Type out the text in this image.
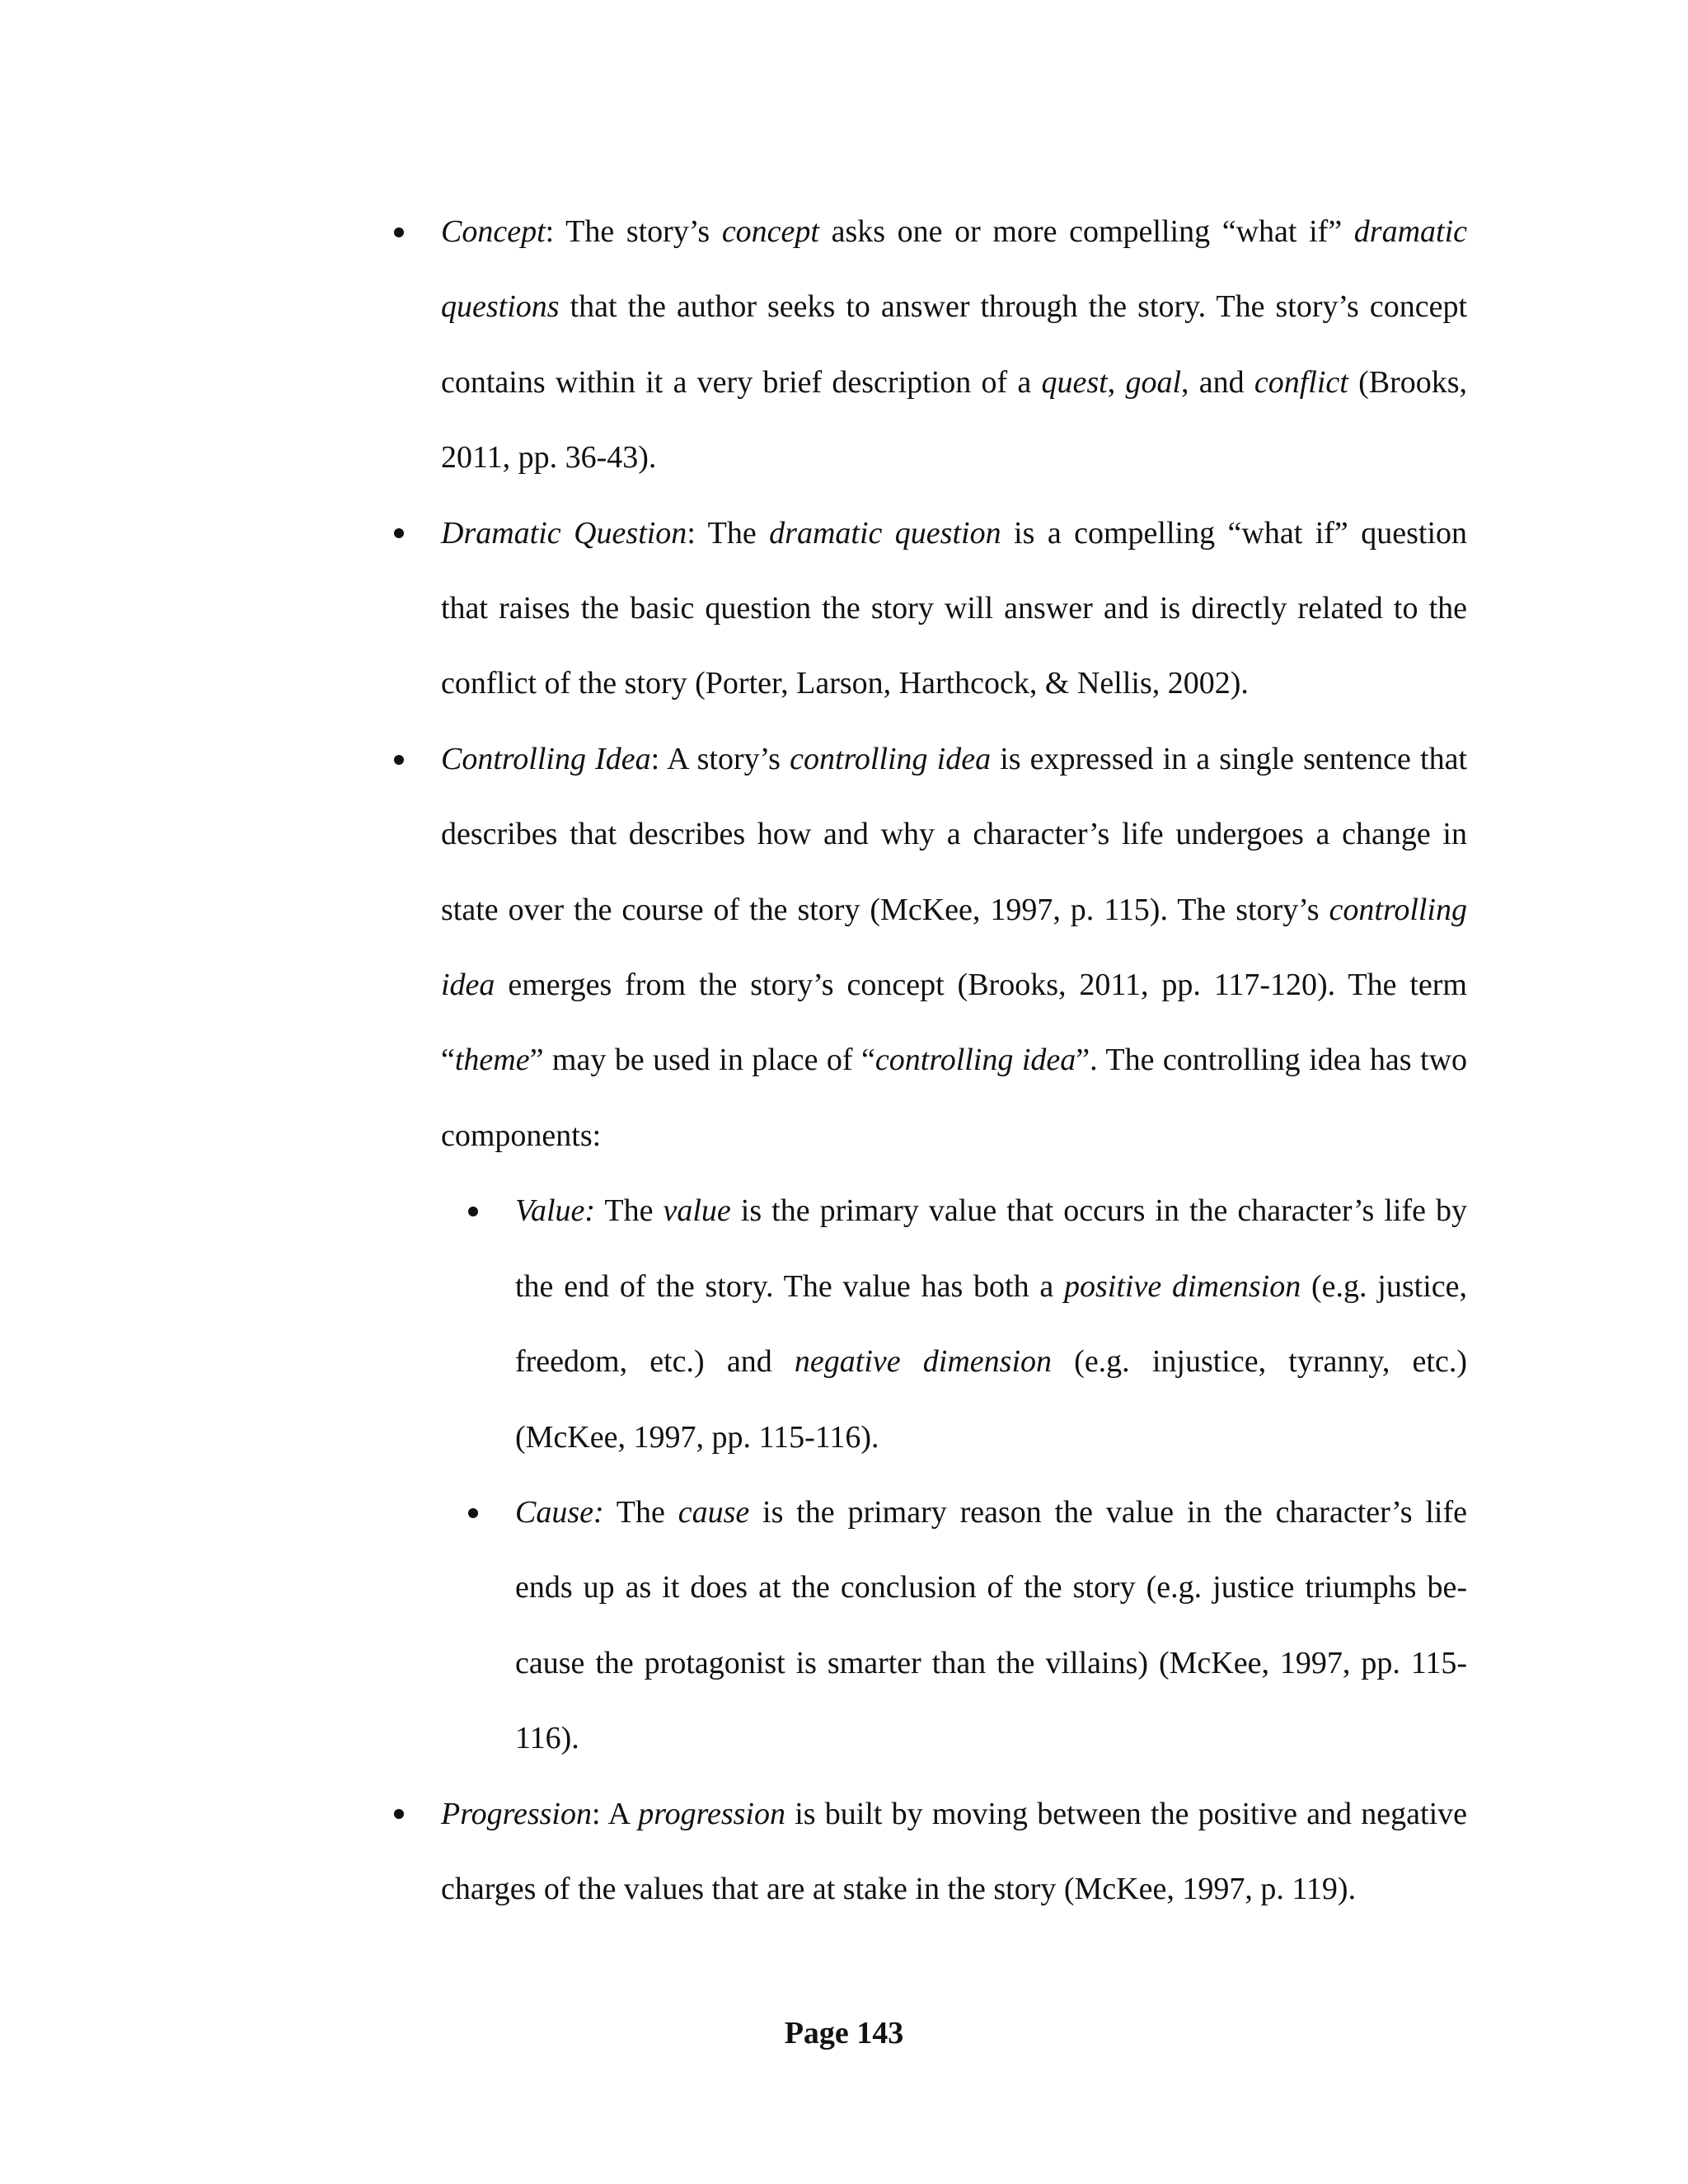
Concept: The story’s concept asks one or more compelling “what if” dramatic questions that the author seeks to answer through the story. The story’s concept contains within it a very brief description of a quest, goal, and conflict (Brooks, 2011, pp. 36-43).

Dramatic Question: The dramatic question is a compelling “what if” question that raises the basic question the story will answer and is directly related to the conflict of the story (Porter, Larson, Harthcock, & Nellis, 2002).

Controlling Idea: A story’s controlling idea is expressed in a single sentence that describes that describes how and why a character’s life undergoes a change in state over the course of the story (McKee, 1997, p. 115). The story’s controlling idea emerges from the story’s concept (Brooks, 2011, pp. 117-120). The term “theme” may be used in place of “controlling idea”. The controlling idea has two components:

Value: The value is the primary value that occurs in the character’s life by the end of the story. The value has both a positive dimension (e.g. justice, freedom, etc.) and negative dimension (e.g. injustice, tyranny, etc.) (McKee, 1997, pp. 115-116).

Cause: The cause is the primary reason the value in the character’s life ends up as it does at the conclusion of the story (e.g. justice triumphs because the protagonist is smarter than the villains) (McKee, 1997, pp. 115-116).

Progression: A progression is built by moving between the positive and negative charges of the values that are at stake in the story (McKee, 1997, p. 119).

Page 143
